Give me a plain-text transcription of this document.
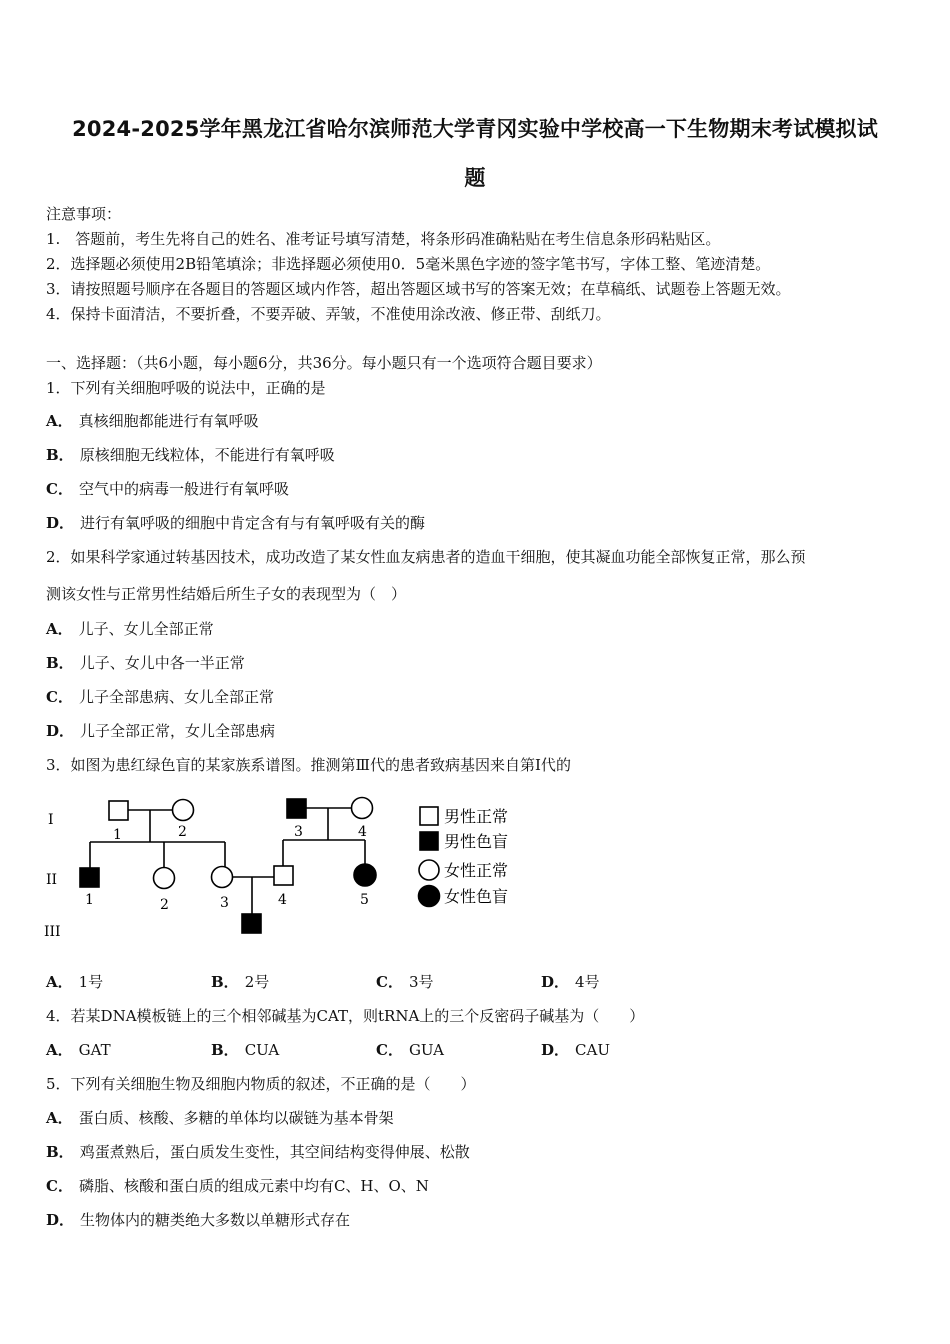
2024-2025学年黑龙江省哈尔滨师范大学青冈实验中学校高一下生物期末考试模拟试
题
注意事项：
1.　答题前，考生先将自己的姓名、准考证号填写清楚，将条形码准确粘贴在考生信息条形码粘贴区。
2．选择题必须使用2B铅笔填涂；非选择题必须使用0．5毫米黑色字迹的签字笔书写，字体工整、笔迹清楚。
3．请按照题号顺序在各题目的答题区域内作答，超出答题区域书写的答案无效；在草稿纸、试题卷上答题无效。
4．保持卡面清洁，不要折叠，不要弄破、弄皱，不准使用涂改液、修正带、刮纸刀。
一、选择题：（共6小题，每小题6分，共36分。每小题只有一个选项符合题目要求）
1．下列有关细胞呼吸的说法中，正确的是
A． 真核细胞都能进行有氧呼吸
B． 原核细胞无线粒体，不能进行有氧呼吸
C． 空气中的病毒一般进行有氧呼吸
D． 进行有氧呼吸的细胞中肯定含有与有氧呼吸有关的酶
2．如果科学家通过转基因技术，成功改造了某女性血友病患者的造血干细胞，使其凝血功能全部恢复正常，那么预
测该女性与正常男性结婚后所生子女的表现型为（　）
A． 儿子、女儿全部正常
B． 儿子、女儿中各一半正常
C． 儿子全部患病、女儿全部正常
D． 儿子全部正常，女儿全部患病
3．如图为患红绿色盲的某家族系谱图。推测第Ⅲ代的患者致病基因来自第Ⅰ代的
I
II
III
1	2	3	4
1	2	3	4	5
男性正常
男性色盲
女性正常
女性色盲
A． 1号	B． 2号	C． 3号	D． 4号
4．若某DNA模板链上的三个相邻碱基为CAT，则tRNA上的三个反密码子碱基为（　　）
A． GAT	B． CUA	C． GUA	D． CAU
5．下列有关细胞生物及细胞内物质的叙述，不正确的是（　　）
A． 蛋白质、核酸、多糖的单体均以碳链为基本骨架
B． 鸡蛋煮熟后，蛋白质发生变性，其空间结构变得伸展、松散
C． 磷脂、核酸和蛋白质的组成元素中均有C、H、O、N
D． 生物体内的糖类绝大多数以单糖形式存在
